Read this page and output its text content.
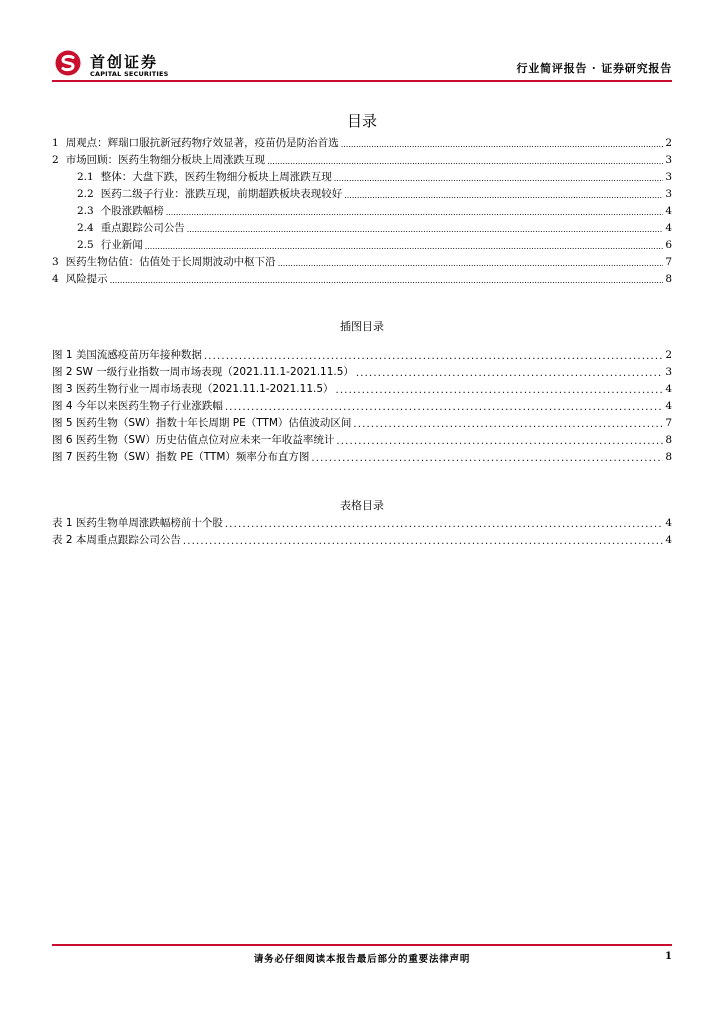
首创证券
CAPITAL SECURITIES	行业简评报告 · 证券研究报告
目录
1 周观点：辉瑞口服抗新冠药物疗效显著，疫苗仍是防治首选 .....	2
2 市场回顾：医药生物细分板块上周涨跌互现 .....	3
2.1 整体：大盘下跌，医药生物细分板块上周涨跌互现 .....	3
2.2 医药二级子行业：涨跌互现，前期超跌板块表现较好 .....	3
2.3 个股涨跌幅榜 .....	4
2.4 重点跟踪公司公告 .....	4
2.5 行业新闻 .....	6
3 医药生物估值：估值处于长周期波动中枢下沿 .....	7
4 风险提示 .....	8
插图目录
图 1 美国流感疫苗历年接种数据 .....	2
图 2 SW 一级行业指数一周市场表现（2021.11.1-2021.11.5） .....	3
图 3 医药生物行业一周市场表现（2021.11.1-2021.11.5） .....	4
图 4 今年以来医药生物子行业涨跌幅 .....	4
图 5 医药生物（SW）指数十年长周期 PE（TTM）估值波动区间 .....	7
图 6 医药生物（SW）历史估值点位对应未来一年收益率统计 .....	8
图 7 医药生物（SW）指数 PE（TTM）频率分布直方图 .....	8
表格目录
表 1 医药生物单周涨跌幅榜前十个股 .....	4
表 2 本周重点跟踪公司公告 .....	4
请务必仔细阅读本报告最后部分的重要法律声明	1
